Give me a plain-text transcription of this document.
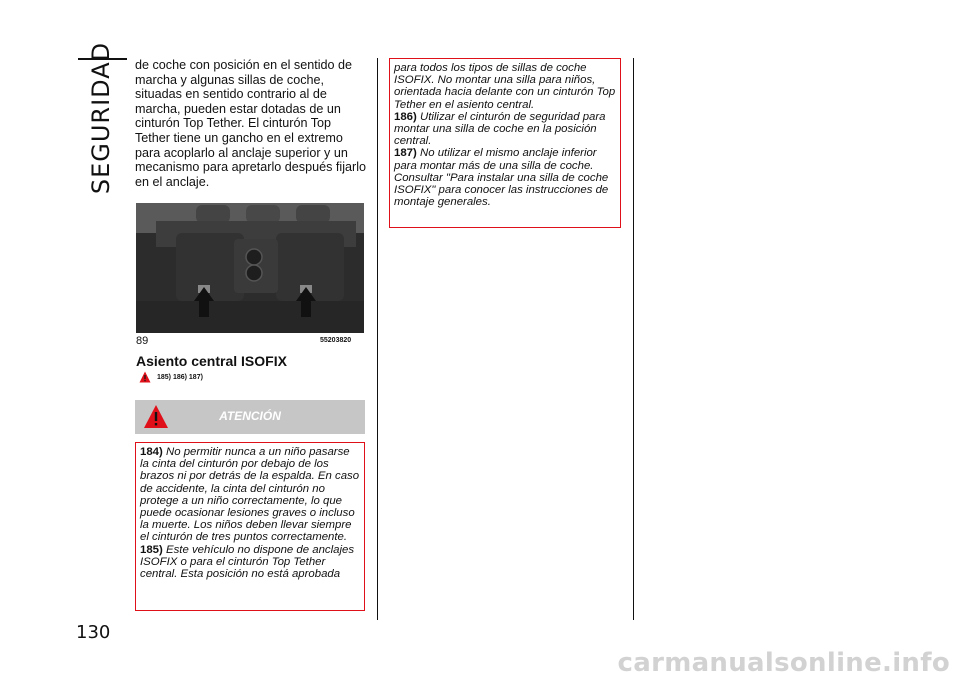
SEGURIDAD
130

de coche con posición en el sentido de marcha y algunas sillas de coche, situadas en sentido contrario al de marcha, pueden estar dotadas de un cinturón Top Tether. El cinturón Top Tether tiene un gancho en el extremo para acoplarlo al anclaje superior y un mecanismo para apretarlo después fijarlo en el anclaje.

89	55203820
Asiento central ISOFIX
185) 186) 187)
ATENCIÓN

184) No permitir nunca a un niño pasarse la cinta del cinturón por debajo de los brazos ni por detrás de la espalda. En caso de accidente, la cinta del cinturón no protege a un niño correctamente, lo que puede ocasionar lesiones graves o incluso la muerte. Los niños deben llevar siempre el cinturón de tres puntos correctamente.

185) Este vehículo no dispone de anclajes ISOFIX o para el cinturón Top Tether central. Esta posición no está aprobada

para todos los tipos de sillas de coche ISOFIX. No montar una silla para niños, orientada hacia delante con un cinturón Top Tether en el asiento central.

186) Utilizar el cinturón de seguridad para montar una silla de coche en la posición central.

187) No utilizar el mismo anclaje inferior para montar más de una silla de coche. Consultar "Para instalar una silla de coche ISOFIX" para conocer las instrucciones de montaje generales.

carmanualsonline.info
